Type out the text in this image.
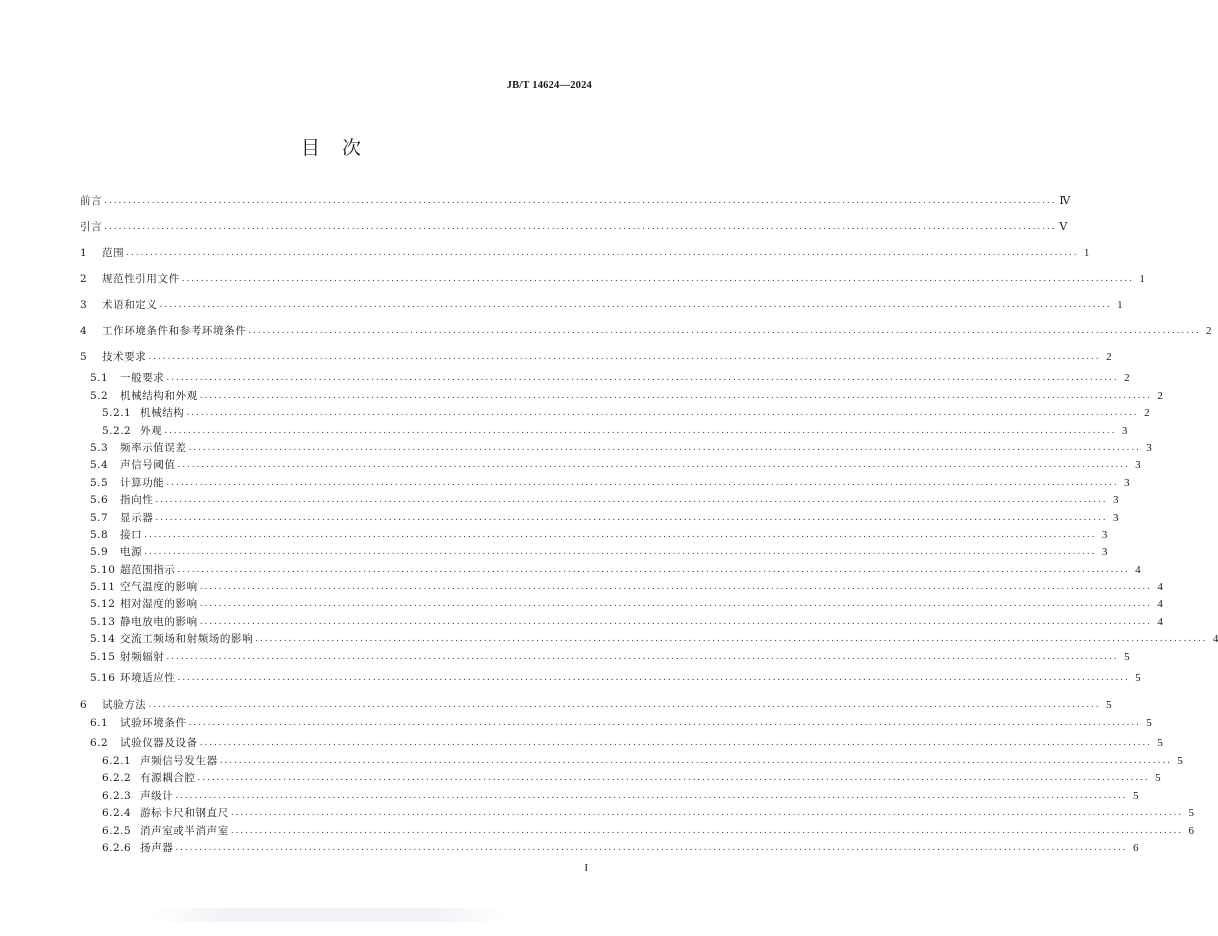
JB/T 14624—2024
目次
前言 ........................................................................................................................................................................................................ Ⅳ
引言 ........................................................................................................................................................................................................ Ⅴ
1	范围 ........................................................................................................................................................................................................ 1
2	规范性引用文件 ........................................................................................................................................................................................................ 1
3	术语和定义 ........................................................................................................................................................................................................ 1
4	工作环境条件和参考环境条件 ........................................................................................................................................................................................................ 2
5	技术要求 ........................................................................................................................................................................................................ 2
5.1	一般要求 ........................................................................................................................................................................................................ 2
5.2	机械结构和外观 ........................................................................................................................................................................................................ 2
5.2.1 机械结构 ........................................................................................................................................................................................................ 2
5.2.2 外观 ........................................................................................................................................................................................................ 3
5.3	频率示值误差 ........................................................................................................................................................................................................ 3
5.4	声信号阈值 ........................................................................................................................................................................................................ 3
5.5	计算功能 ........................................................................................................................................................................................................ 3
5.6	指向性 ........................................................................................................................................................................................................ 3
5.7	显示器 ........................................................................................................................................................................................................ 3
5.8	接口 ........................................................................................................................................................................................................ 3
5.9	电源 ........................................................................................................................................................................................................ 3
5.10 超范围指示 ........................................................................................................................................................................................................ 4
5.11 空气温度的影响 ........................................................................................................................................................................................................ 4
5.12 相对湿度的影响 ........................................................................................................................................................................................................ 4
5.13 静电放电的影响 ........................................................................................................................................................................................................ 4
5.14 交流工频场和射频场的影响 ........................................................................................................................................................................................................ 4
5.15 射频辐射 ........................................................................................................................................................................................................ 5
5.16 环境适应性 ........................................................................................................................................................................................................ 5
6	试验方法 ........................................................................................................................................................................................................ 5
6.1	试验环境条件 ........................................................................................................................................................................................................ 5
6.2	试验仪器及设备 ........................................................................................................................................................................................................ 5
6.2.1 声频信号发生器 ........................................................................................................................................................................................................ 5
6.2.2 有源耦合腔 ........................................................................................................................................................................................................ 5
6.2.3 声级计 ........................................................................................................................................................................................................ 5
6.2.4 游标卡尺和钢直尺 ........................................................................................................................................................................................................ 5
6.2.5 消声室或半消声室 ........................................................................................................................................................................................................ 6
6.2.6 扬声器 ........................................................................................................................................................................................................ 6
I
